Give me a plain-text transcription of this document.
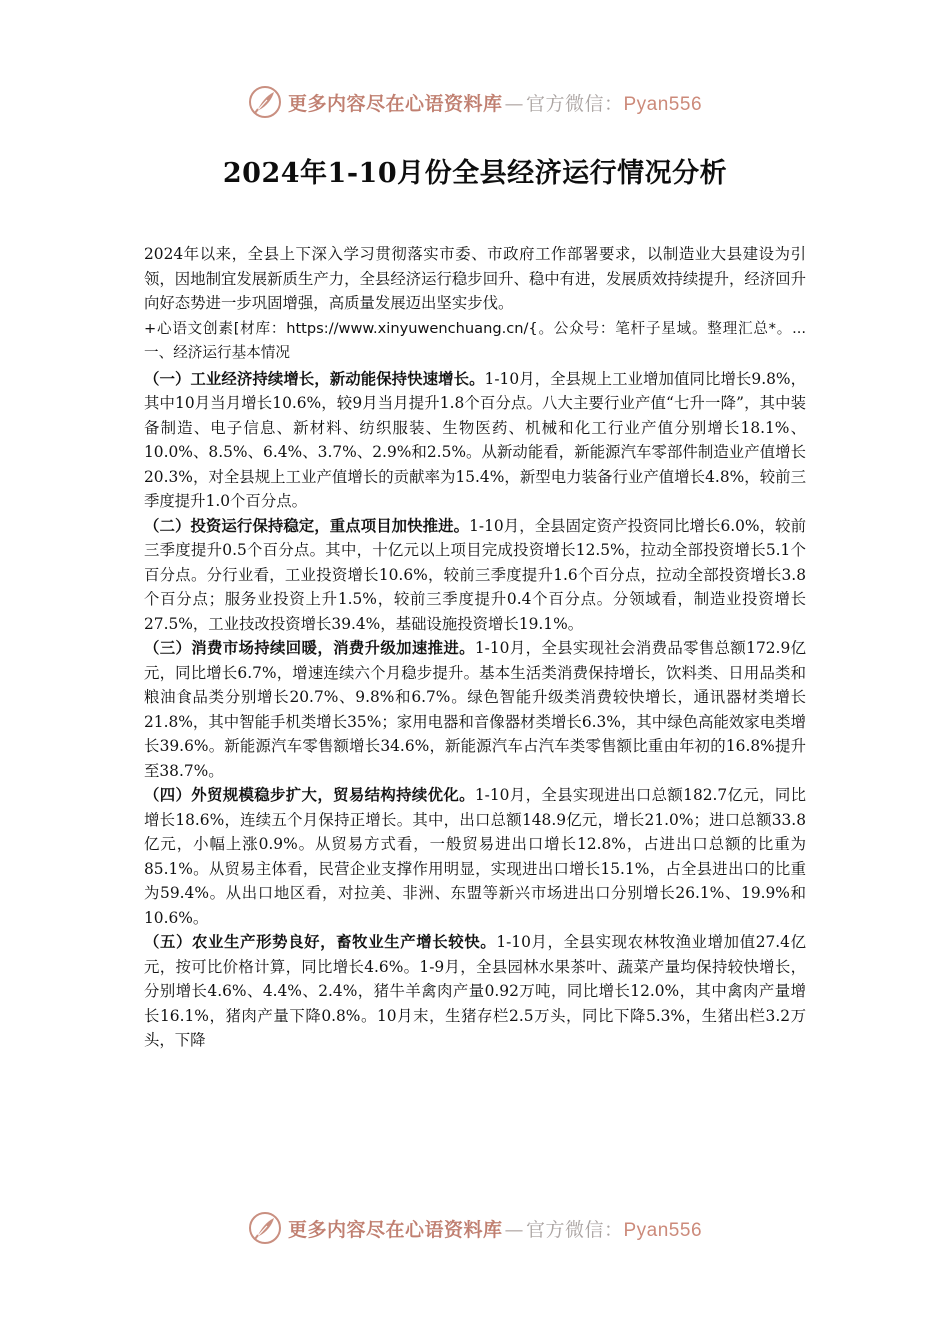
更多内容尽在心语资料库 — 官方微信：Pyan556
2024年1-10月份全县经济运行情况分析

2024年以来，全县上下深入学习贯彻落实市委、市政府工作部署要求，以制造业大县建设为引领，因地制宜发展新质生产力，全县经济运行稳步回升、稳中有进，发展质效持续提升，经济回升向好态势进一步巩固增强，高质量发展迈出坚实步伐。

+心语文创素[材库：https://www.xinyuwenchuang.cn/{。公众号：笔杆子星域。整理汇总*。...一、经济运行基本情况

（一）工业经济持续增长，新动能保持快速增长。1-10月，全县规上工业增加值同比增长9.8%，其中10月当月增长10.6%，较9月当月提升1.8个百分点。八大主要行业产值“七升一降”，其中装备制造、电子信息、新材料、纺织服装、生物医药、机械和化工行业产值分别增长18.1%、10.0%、8.5%、6.4%、3.7%、2.9%和2.5%。从新动能看，新能源汽车零部件制造业产值增长20.3%，对全县规上工业产值增长的贡献率为15.4%，新型电力装备行业产值增长4.8%，较前三季度提升1.0个百分点。

（二）投资运行保持稳定，重点项目加快推进。1-10月，全县固定资产投资同比增长6.0%，较前三季度提升0.5个百分点。其中，十亿元以上项目完成投资增长12.5%，拉动全部投资增长5.1个百分点。分行业看，工业投资增长10.6%，较前三季度提升1.6个百分点，拉动全部投资增长3.8个百分点；服务业投资上升1.5%，较前三季度提升0.4个百分点。分领域看，制造业投资增长27.5%，工业技改投资增长39.4%，基础设施投资增长19.1%。

（三）消费市场持续回暖，消费升级加速推进。1-10月，全县实现社会消费品零售总额172.9亿元，同比增长6.7%，增速连续六个月稳步提升。基本生活类消费保持增长，饮料类、日用品类和粮油食品类分别增长20.7%、9.8%和6.7%。绿色智能升级类消费较快增长，通讯器材类增长21.8%，其中智能手机类增长35%；家用电器和音像器材类增长6.3%，其中绿色高能效家电类增长39.6%。新能源汽车零售额增长34.6%，新能源汽车占汽车类零售额比重由年初的16.8%提升至38.7%。

（四）外贸规模稳步扩大，贸易结构持续优化。1-10月，全县实现进出口总额182.7亿元，同比增长18.6%，连续五个月保持正增长。其中，出口总额148.9亿元，增长21.0%；进口总额33.8亿元，小幅上涨0.9%。从贸易方式看，一般贸易进出口增长12.8%，占进出口总额的比重为85.1%。从贸易主体看，民营企业支撑作用明显，实现进出口增长15.1%，占全县进出口的比重为59.4%。从出口地区看，对拉美、非洲、东盟等新兴市场进出口分别增长26.1%、19.9%和10.6%。

（五）农业生产形势良好，畜牧业生产增长较快。1-10月，全县实现农林牧渔业增加值27.4亿元，按可比价格计算，同比增长4.6%。1-9月，全县园林水果茶叶、蔬菜产量均保持较快增长，分别增长4.6%、4.4%、2.4%，猪牛羊禽肉产量0.92万吨，同比增长12.0%，其中禽肉产量增长16.1%，猪肉产量下降0.8%。10月末，生猪存栏2.5万头，同比下降5.3%，生猪出栏3.2万头，下降

更多内容尽在心语资料库 — 官方微信：Pyan556
